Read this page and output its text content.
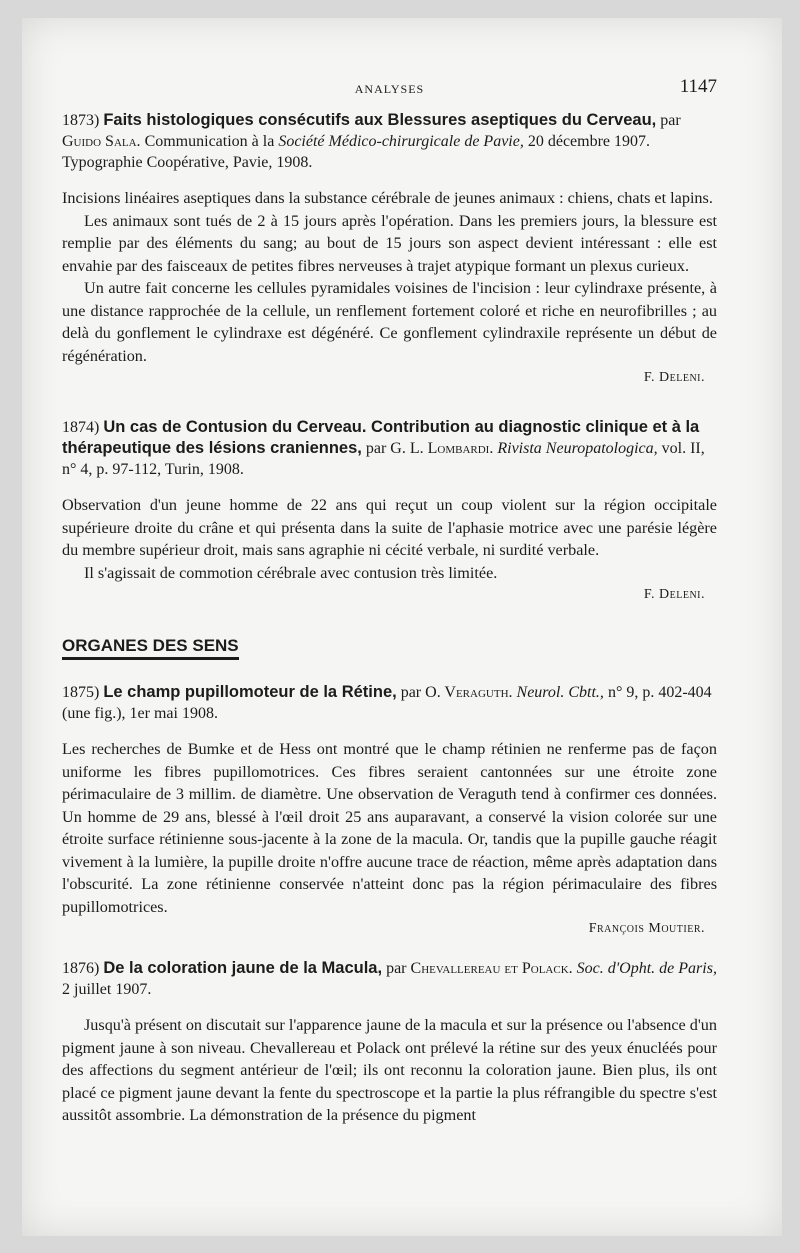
ANALYSES	1147
1873) Faits histologiques consécutifs aux Blessures aseptiques du Cerveau, par Guido Sala. Communication à la Société Médico-chirurgicale de Pavie, 20 décembre 1907. Typographie Coopérative, Pavie, 1908.

Incisions linéaires aseptiques dans la substance cérébrale de jeunes animaux : chiens, chats et lapins.

Les animaux sont tués de 2 à 15 jours après l'opération. Dans les premiers jours, la blessure est remplie par des éléments du sang; au bout de 15 jours son aspect devient intéressant : elle est envahie par des faisceaux de petites fibres nerveuses à trajet atypique formant un plexus curieux.

Un autre fait concerne les cellules pyramidales voisines de l'incision : leur cylindraxe présente, à une distance rapprochée de la cellule, un renflement fortement coloré et riche en neurofibrilles ; au delà du gonflement le cylindraxe est dégénéré. Ce gonflement cylindraxile représente un début de régénération.

F. Deleni.
1874) Un cas de Contusion du Cerveau. Contribution au diagnostic clinique et à la thérapeutique des lésions craniennes, par G. L. Lombardi. Rivista Neuropatologica, vol. II, n° 4, p. 97-112, Turin, 1908.

Observation d'un jeune homme de 22 ans qui reçut un coup violent sur la région occipitale supérieure droite du crâne et qui présenta dans la suite de l'aphasie motrice avec une parésie légère du membre supérieur droit, mais sans agraphie ni cécité verbale, ni surdité verbale.

Il s'agissait de commotion cérébrale avec contusion très limitée.

F. Deleni.
ORGANES DES SENS
1875) Le champ pupillomoteur de la Rétine, par O. Veraguth. Neurol. Cbtt., n° 9, p. 402-404 (une fig.), 1er mai 1908.

Les recherches de Bumke et de Hess ont montré que le champ rétinien ne renferme pas de façon uniforme les fibres pupillomotrices. Ces fibres seraient cantonnées sur une étroite zone périmaculaire de 3 millim. de diamètre. Une observation de Veraguth tend à confirmer ces données. Un homme de 29 ans, blessé à l'œil droit 25 ans auparavant, a conservé la vision colorée sur une étroite surface rétinienne sous-jacente à la zone de la macula. Or, tandis que la pupille gauche réagit vivement à la lumière, la pupille droite n'offre aucune trace de réaction, même après adaptation dans l'obscurité. La zone rétinienne conservée n'atteint donc pas la région périmaculaire des fibres pupillomotrices.

François Moutier.
1876) De la coloration jaune de la Macula, par Chevallereau et Polack. Soc. d'Opht. de Paris, 2 juillet 1907.

Jusqu'à présent on discutait sur l'apparence jaune de la macula et sur la présence ou l'absence d'un pigment jaune à son niveau. Chevallereau et Polack ont prélevé la rétine sur des yeux énucléés pour des affections du segment antérieur de l'œil; ils ont reconnu la coloration jaune. Bien plus, ils ont placé ce pigment jaune devant la fente du spectroscope et la partie la plus réfrangible du spectre s'est aussitôt assombrie. La démonstration de la présence du pigment
